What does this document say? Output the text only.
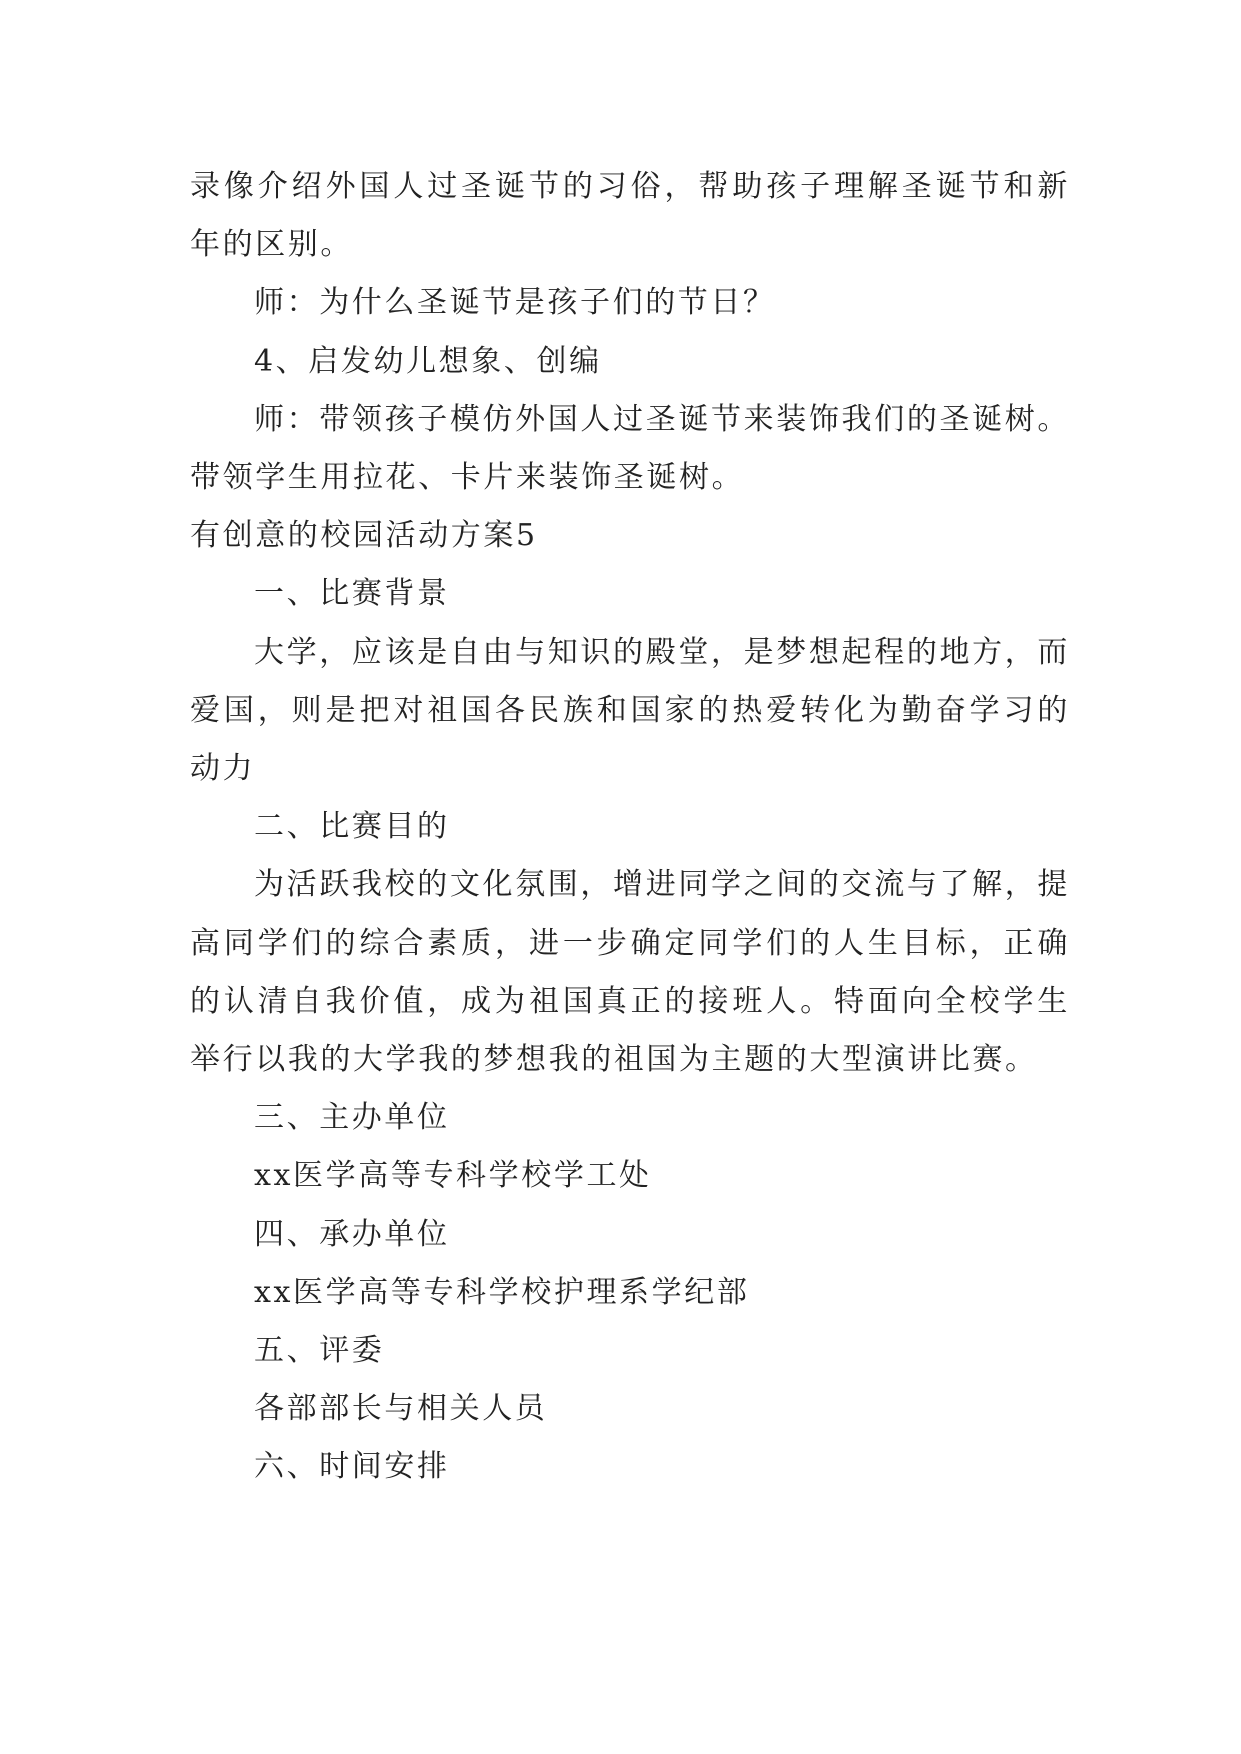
录像介绍外国人过圣诞节的习俗，帮助孩子理解圣诞节和新年的区别。

师：为什么圣诞节是孩子们的节日？

4、启发幼儿想象、创编

师：带领孩子模仿外国人过圣诞节来装饰我们的圣诞树。带领学生用拉花、卡片来装饰圣诞树。

有创意的校园活动方案5

一、比赛背景

大学，应该是自由与知识的殿堂，是梦想起程的地方，而爱国，则是把对祖国各民族和国家的热爱转化为勤奋学习的动力

二、比赛目的

为活跃我校的文化氛围，增进同学之间的交流与了解，提高同学们的综合素质，进一步确定同学们的人生目标，正确的认清自我价值，成为祖国真正的接班人。特面向全校学生举行以我的大学我的梦想我的祖国为主题的大型演讲比赛。

三、主办单位

xx医学高等专科学校学工处

四、承办单位

xx医学高等专科学校护理系学纪部

五、评委

各部部长与相关人员

六、时间安排
